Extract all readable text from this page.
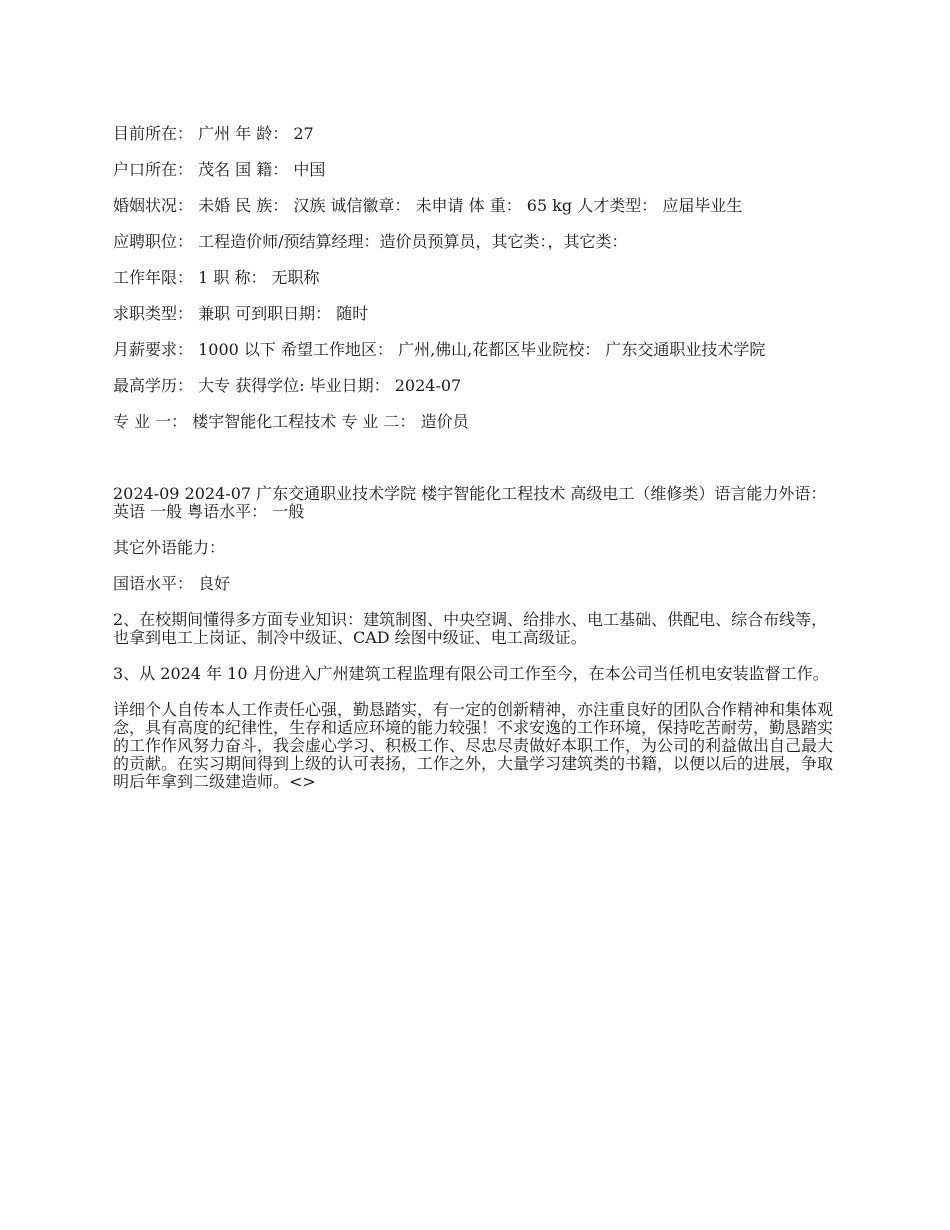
目前所在： 广州 年 龄： 27

户口所在： 茂名 国 籍： 中国

婚姻状况： 未婚 民 族： 汉族 诚信徽章： 未申请 体 重： 65 kg 人才类型： 应届毕业生

应聘职位： 工程造价师/预结算经理：造价员预算员，其它类：，其它类：

工作年限： 1 职 称： 无职称

求职类型： 兼职 可到职日期： 随时

月薪要求： 1000 以下 希望工作地区： 广州,佛山,花都区毕业院校： 广东交通职业技术学院

最高学历： 大专 获得学位: 毕业日期： 2024-07

专 业 一： 楼宇智能化工程技术 专 业 二： 造价员

2024-09 2024-07 广东交通职业技术学院 楼宇智能化工程技术 高级电工（维修类）语言能力外语： 英语 一般 粤语水平： 一般

其它外语能力：

国语水平： 良好

2、在校期间懂得多方面专业知识：建筑制图、中央空调、给排水、电工基础、供配电、综合布线等，也拿到电工上岗证、制冷中级证、CAD 绘图中级证、电工高级证。

3、从 2024 年 10 月份进入广州建筑工程监理有限公司工作至今，在本公司当任机电安装监督工作。

详细个人自传本人工作责任心强，勤恳踏实，有一定的创新精神，亦注重良好的团队合作精神和集体观念，具有高度的纪律性，生存和适应环境的能力较强！不求安逸的工作环境，保持吃苦耐劳，勤恳踏实的工作作风努力奋斗，我会虚心学习、积极工作、尽忠尽责做好本职工作，为公司的利益做出自己最大的贡献。在实习期间得到上级的认可表扬，工作之外，大量学习建筑类的书籍，以便以后的进展，争取明后年拿到二级建造师。<>
